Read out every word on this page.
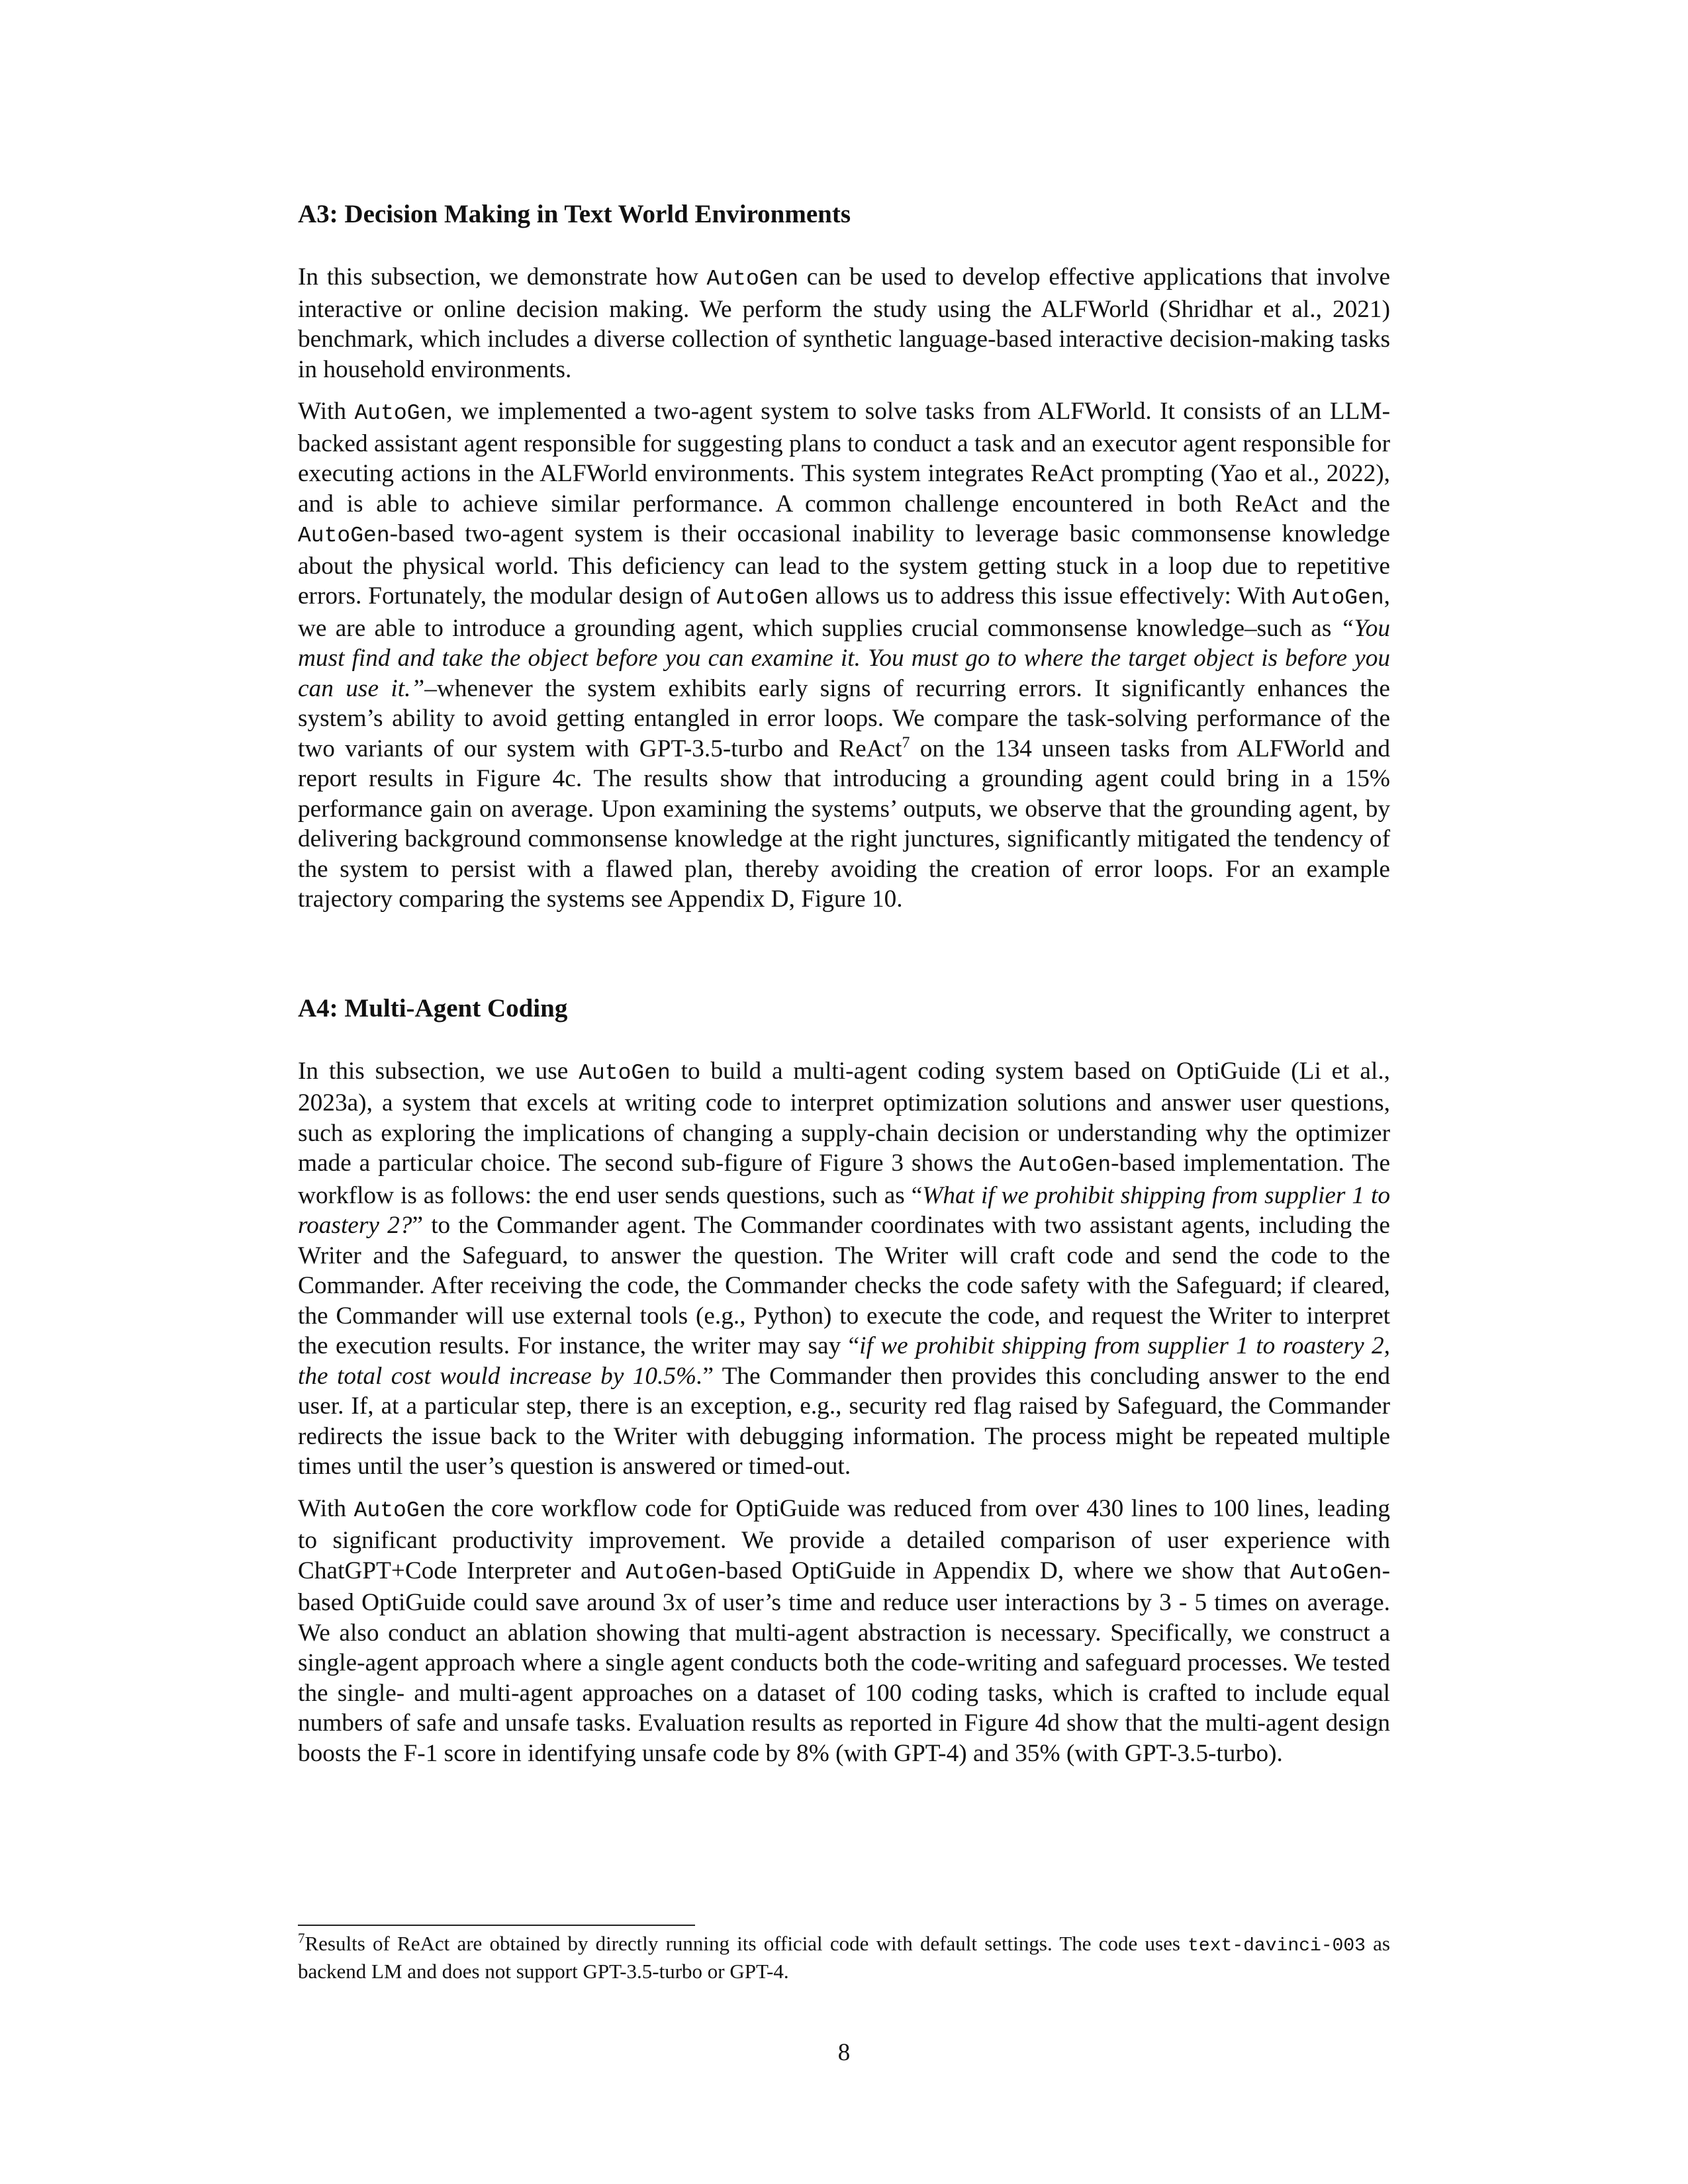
A3: Decision Making in Text World Environments

In this subsection, we demonstrate how AutoGen can be used to develop effective applications that involve interactive or online decision making. We perform the study using the ALFWorld (Shridhar et al., 2021) benchmark, which includes a diverse collection of synthetic language-based interactive decision-making tasks in household environments.

With AutoGen, we implemented a two-agent system to solve tasks from ALFWorld. It consists of an LLM-backed assistant agent responsible for suggesting plans to conduct a task and an executor agent responsible for executing actions in the ALFWorld environments. This system integrates ReAct prompting (Yao et al., 2022), and is able to achieve similar performance. A common challenge encountered in both ReAct and the AutoGen-based two-agent system is their occasional inability to leverage basic commonsense knowledge about the physical world. This deficiency can lead to the system getting stuck in a loop due to repetitive errors. Fortunately, the modular design of AutoGen allows us to address this issue effectively: With AutoGen, we are able to introduce a grounding agent, which supplies crucial commonsense knowledge–such as “You must find and take the object before you can examine it. You must go to where the target object is before you can use it.”–whenever the system exhibits early signs of recurring errors. It significantly enhances the system’s ability to avoid getting entangled in error loops. We compare the task-solving performance of the two variants of our system with GPT-3.5-turbo and ReAct$^7$ on the 134 unseen tasks from ALFWorld and report results in Figure 4c. The results show that introducing a grounding agent could bring in a 15% performance gain on average. Upon examining the systems’ outputs, we observe that the grounding agent, by delivering background commonsense knowledge at the right junctures, significantly mitigated the tendency of the system to persist with a flawed plan, thereby avoiding the creation of error loops. For an example trajectory comparing the systems see Appendix D, Figure 10.

A4: Multi-Agent Coding

In this subsection, we use AutoGen to build a multi-agent coding system based on OptiGuide (Li et al., 2023a), a system that excels at writing code to interpret optimization solutions and answer user questions, such as exploring the implications of changing a supply-chain decision or understanding why the optimizer made a particular choice. The second sub-figure of Figure 3 shows the AutoGen-based implementation. The workflow is as follows: the end user sends questions, such as “What if we prohibit shipping from supplier 1 to roastery 2?” to the Commander agent. The Commander coordinates with two assistant agents, including the Writer and the Safeguard, to answer the question. The Writer will craft code and send the code to the Commander. After receiving the code, the Commander checks the code safety with the Safeguard; if cleared, the Commander will use external tools (e.g., Python) to execute the code, and request the Writer to interpret the execution results. For instance, the writer may say “if we prohibit shipping from supplier 1 to roastery 2, the total cost would increase by 10.5%.” The Commander then provides this concluding answer to the end user. If, at a particular step, there is an exception, e.g., security red flag raised by Safeguard, the Commander redirects the issue back to the Writer with debugging information. The process might be repeated multiple times until the user’s question is answered or timed-out.

With AutoGen the core workflow code for OptiGuide was reduced from over 430 lines to 100 lines, leading to significant productivity improvement. We provide a detailed comparison of user experience with ChatGPT+Code Interpreter and AutoGen-based OptiGuide in Appendix D, where we show that AutoGen-based OptiGuide could save around 3x of user’s time and reduce user interactions by 3 - 5 times on average. We also conduct an ablation showing that multi-agent abstraction is necessary. Specifically, we construct a single-agent approach where a single agent conducts both the code-writing and safeguard processes. We tested the single- and multi-agent approaches on a dataset of 100 coding tasks, which is crafted to include equal numbers of safe and unsafe tasks. Evaluation results as reported in Figure 4d show that the multi-agent design boosts the F-1 score in identifying unsafe code by 8% (with GPT-4) and 35% (with GPT-3.5-turbo).

$^7$Results of ReAct are obtained by directly running its official code with default settings. The code uses text-davinci-003 as backend LM and does not support GPT-3.5-turbo or GPT-4.
8
